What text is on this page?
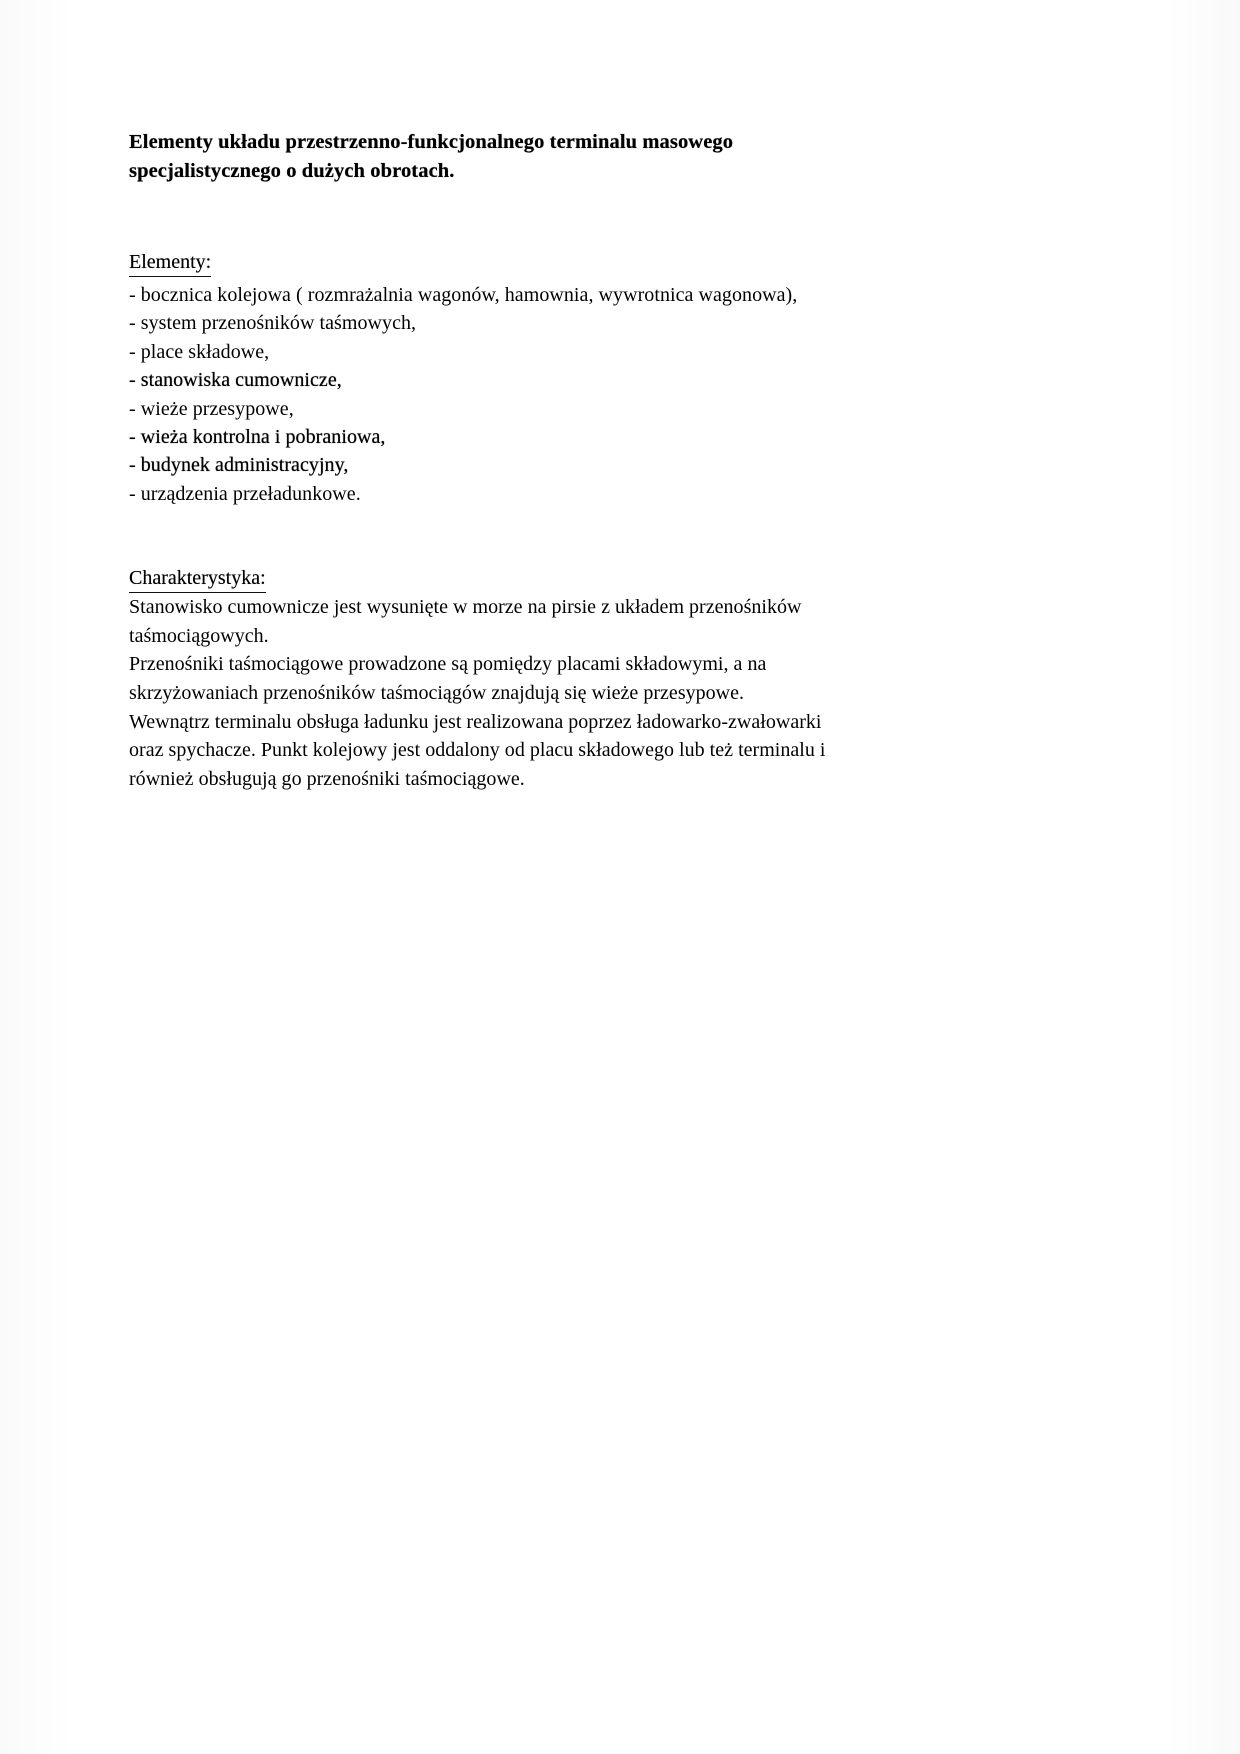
Elementy układu przestrzenno-funkcjonalnego terminalu masowego
specjalistycznego o dużych obrotach.
Elementy:
- bocznica kolejowa ( rozmrażalnia wagonów, hamownia, wywrotnica wagonowa),
- system przenośników taśmowych,
- place składowe,
- stanowiska cumownicze,
- wieże przesypowe,
- wieża kontrolna i pobraniowa,
- budynek administracyjny,
- urządzenia przeładunkowe.
Charakterystyka:

Stanowisko cumownicze jest wysunięte w morze na pirsie z układem przenośników
taśmociągowych.
Przenośniki taśmociągowe prowadzone są pomiędzy placami składowymi, a na
skrzyżowaniach przenośników taśmociągów znajdują się wieże przesypowe.
Wewnątrz terminalu obsługa ładunku jest realizowana poprzez ładowarko-zwałowarki
oraz spychacze. Punkt kolejowy jest oddalony od placu składowego lub też terminalu i
również obsługują go przenośniki taśmociągowe.
